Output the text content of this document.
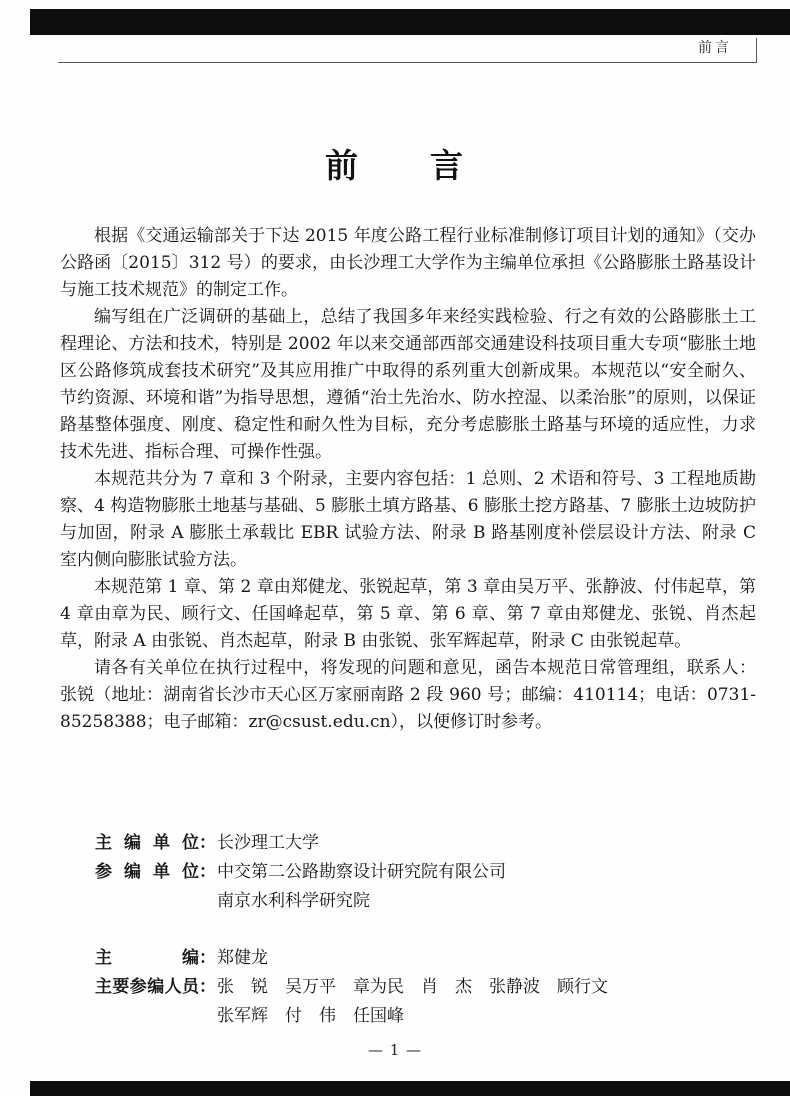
前言
前　　言

根据《交通运输部关于下达 2015 年度公路工程行业标准制修订项目计划的通知》（交办公路函〔2015〕312 号）的要求，由长沙理工大学作为主编单位承担《公路膨胀土路基设计与施工技术规范》的制定工作。

编写组在广泛调研的基础上，总结了我国多年来经实践检验、行之有效的公路膨胀土工程理论、方法和技术，特别是 2002 年以来交通部西部交通建设科技项目重大专项“膨胀土地区公路修筑成套技术研究”及其应用推广中取得的系列重大创新成果。本规范以“安全耐久、节约资源、环境和谐”为指导思想，遵循“治土先治水、防水控湿、以柔治胀”的原则，以保证路基整体强度、刚度、稳定性和耐久性为目标，充分考虑膨胀土路基与环境的适应性，力求技术先进、指标合理、可操作性强。

本规范共分为 7 章和 3 个附录，主要内容包括：1 总则、2 术语和符号、3 工程地质勘察、4 构造物膨胀土地基与基础、5 膨胀土填方路基、6 膨胀土挖方路基、7 膨胀土边坡防护与加固，附录 A 膨胀土承载比 EBR 试验方法、附录 B 路基刚度补偿层设计方法、附录 C 室内侧向膨胀试验方法。

本规范第 1 章、第 2 章由郑健龙、张锐起草，第 3 章由吴万平、张静波、付伟起草，第 4 章由章为民、顾行文、任国峰起草，第 5 章、第 6 章、第 7 章由郑健龙、张锐、肖杰起草，附录 A 由张锐、肖杰起草，附录 B 由张锐、张军辉起草，附录 C 由张锐起草。

请各有关单位在执行过程中，将发现的问题和意见，函告本规范日常管理组，联系人：张锐（地址：湖南省长沙市天心区万家丽南路 2 段 960 号；邮编：410114；电话：0731-85258388；电子邮箱：zr@csust.edu.cn），以便修订时参考。

主编单位：长沙理工大学
参编单位：中交第二公路勘察设计研究院有限公司
南京水利科学研究院
主编：郑健龙
主要参编人员：张　锐　吴万平　章为民　肖　杰　张静波　顾行文
张军辉　付　伟　任国峰
— 1 —
